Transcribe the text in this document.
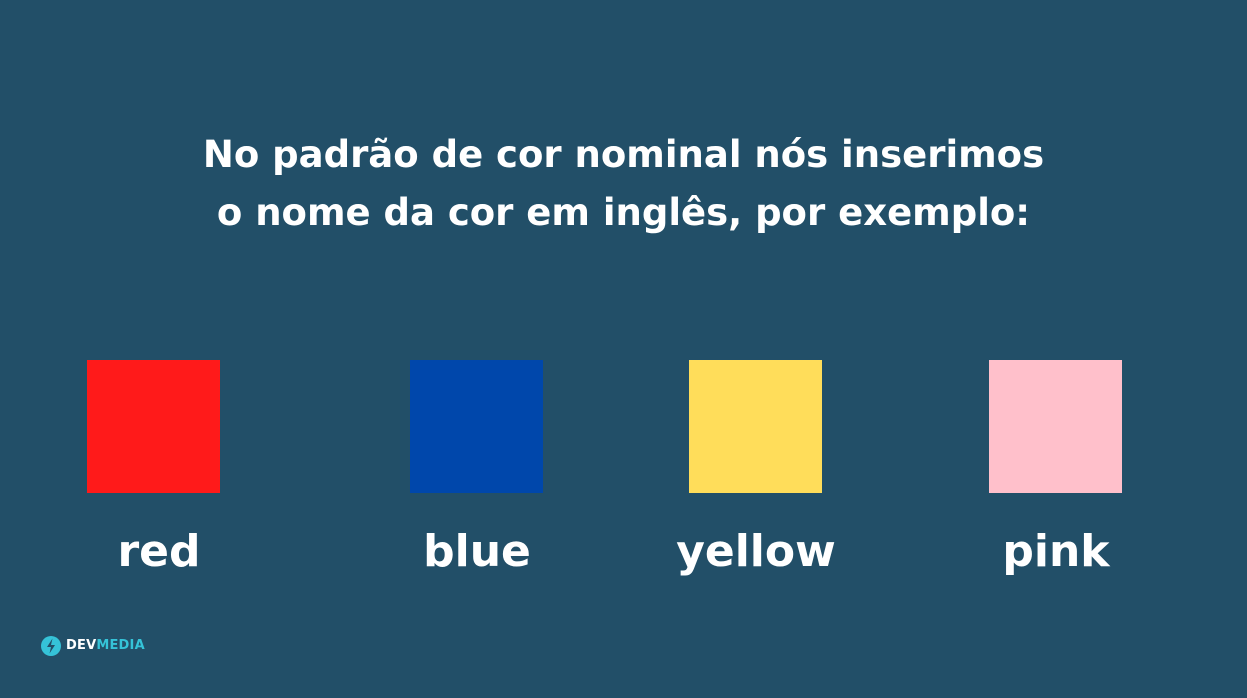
No padrão de cor nominal nós inserimos
o nome da cor em inglês, por exemplo:
red	blue	yellow	pink
DEVMEDIA
